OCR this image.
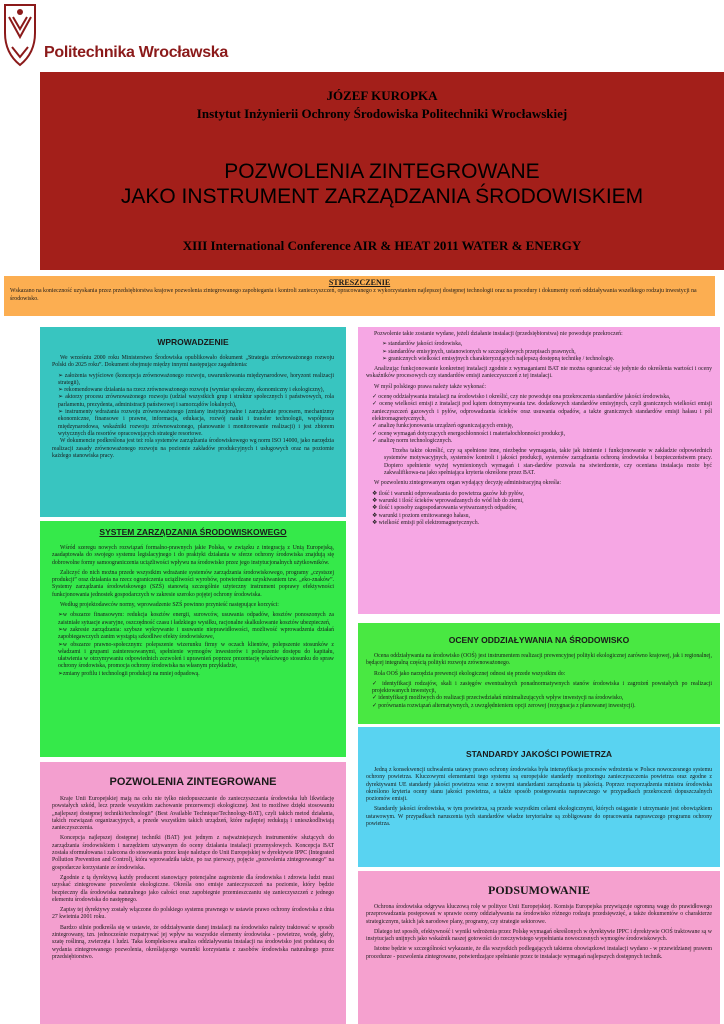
Politechnika Wrocławska
JÓZEF KUROPKA
Instytut Inżynierii Ochrony Środowiska Politechniki Wrocławskiej
POZWOLENIA ZINTEGROWANE
JAKO INSTRUMENT ZARZĄDZANIA ŚRODOWISKIEM
XIII International Conference AIR & HEAT 2011 WATER & ENERGY
STRESZCZENIE

Wskazano na konieczność uzyskania przez przedsiębiorstwa krajowe pozwolenia zintegrowanego zapobiegania i kontroli zanieczyszczeń, opracowanego z wykorzystaniem najlepszej dostępnej technologii oraz na procedury i dokumenty oceń oddziaływania wszelkiego rodzaju inwestycji na środowisko.

WPROWADZENIE

We wrześniu 2000 roku Ministerstwo Środowiska opublikowało dokument „Strategia zrównoważonego rozwoju Polski do 2025 roku”. Dokument obejmuje między innymi następujące zagadnienia:

➢ założenia wyjściowe (koncepcja zrównoważonego rozwoju, uwarunkowania międzynarodowe, horyzont realizacji strategii),
➢ rekomendowane działania na rzecz zrównoważonego rozwoju (wymiar społeczny, ekonomiczny i ekologiczny),
➢ aktorzy procesu zrównoważonego rozwoju (udział wszystkich grup i struktur społecznych i państwowych, rola parlamentu, prezydenta, administracji państwowej i samorządów lokalnych),
➢ instrumenty wdrażania rozwoju zrównoważonego (zmiany instytucjonalne i zarządzanie procesem, mechanizmy ekonomiczne, finansowe i prawne, informacja, edukacja, rozwój nauki i transfer technologii, współpraca międzynarodowa, wskaźniki rozwoju zrównoważonego, planowanie i monitorowanie realizacji) i jest zbiorem wytycznych dla resortów opracowujących strategie resortowe.

W dokumencie podkreślona jest też rola systemów zarządzania środowiskowego wg norm ISO 14000, jako narzędzia realizacji zasady zrównoważonego rozwoju na poziomie zakładów produkcyjnych i usługowych oraz na poziomie każdego stanowiska pracy.

SYSTEM ZARZĄDZANIA ŚRODOWISKOWEGO

Wśród szeregu nowych rozwiązań formalno-prawnych jakie Polska, w związku z integracją z Unią Europejską, zaadaptowała do swojego systemu legislacyjnego i do praktyki działania w sferze ochrony środowiska znajdują się dobrowolne formy samoograniczenia uciążliwości wpływu na środowisko przez jego instytucjonalnych użytkowników.

Zaliczyć do nich można przede wszystkim wdrażanie systemów zarządzania środowiskowego, programy „czystszej produkcji” oraz działania na rzecz ograniczenia uciążliwości wyrobów, potwierdzane uzyskiwaniem tzw. „eko-znaków”. Systemy zarządzania środowiskowego (SZŚ) stanowią szczególnie użyteczny instrument poprawy efektywności funkcjonowania jednostek gospodarczych w zakresie szeroko pojętej ochrony środowiska.

Według projektodawców normy, wprowadzenie SZŚ powinno przynieść następujące korzyści:

➢w obszarze finansowym: redukcja kosztów energii, surowców, usuwania odpadów, kosztów ponoszonych za zaistniałe sytuacje awaryjne, oszczędność czasu i ładzkiego wysiłku, racjonalne skalkulowanie kosztów ubezpieczeń,
➢w zakresie zarządzania: szybsze wykrywanie i usuwanie nieprawidłowości, możliwość wprowadzenia działań zapobiegawczych zanim wystąpią szkodliwe efekty środowiskowe,
➢w obszarze prawno-społecznym: polepszenie wizerunku firmy w oczach klientów, polepszenie stosunków z władzami i grupami zainteresowanymi, spełnienie wymogów inwestorów i polepszenie dostępu do kapitału, ułatwienia w otrzymywaniu odpowiednich zezwoleń i uprawnień poprzez prezentację właściwego stosunku do spraw ochrony środowiska, promocja ochrony środowiska na własnym przykładzie,
➢zmiany profilu i technologii produkcji na mniej odpadową.
POZWOLENIA ZINTEGROWANE

Kraje Unii Europejskiej mają na celu nie tylko niedopuszczanie do zanieczyszczania środowiska lub likwidację powstałych szkód, lecz przede wszystkim zachowanie prezerwencji ekologicznej. Jest to możliwe dzięki stosowaniu „najlepszej dostępnej techniki/technologii” (Best Available Technique/Technology-BAT), czyli takich metod działania, takich rozwiązań organizacyjnych, a przede wszystkim takich urządzeń, które najlepiej redukują i unieszkodliwiają zanieczyszczenia.

Koncepcja najlepszej dostępnej techniki (BAT) jest jednym z najważniejszych instrumentów służących do zarządzania środowiskiem i narzędziem używanym do oceny działania instalacji przemysłowych. Koncepcja BAT została sformułowana i zalecona do stosowania przez kraje należące do Unii Europejskiej w dyrektywie IPPC (Integrated Pollution Prevention and Control), która wprowadziła także, po raz pierwszy, pojęcie „pozwolenia zintegrowanego” na gospodarcze korzystanie ze środowiska.

Zgodnie z tą dyrektywą każdy producent stanowiący potencjalne zagrożenie dla środowiska i zdrowia ludzi musi uzyskać zintegrowane pozwolenie ekologiczne. Określa ono emisje zanieczyszczeń na poziomie, który będzie bezpieczny dla środowiska naturalnego jako całości oraz zapobiegnie przemieszczaniu się zanieczyszczeń z jednego elementu środowiska do następnego.

Zapisy tej dyrektywy zostały włączone do polskiego systemu prawnego w ustawie prawo ochrony środowiska z dnia 27 kwietnia 2001 roku.

Bardzo silnie podkreśla się w ustawie, że oddziaływanie danej instalacji na środowisko należy traktować w sposób zintegrowany, tzn. jednocześnie rozpatrywać jej wpływ na wszystkie elementy środowiska - powietrze, wodę, gleby, szatę roślinną, zwierzęta i ludzi. Taka kompleksowa analiza oddziaływania instalacji na środowisko jest podstawą do wydania zintegrowanego pozwolenia, określającego warunki korzystania z zasobów środowiska naturalnego przez przedsiębiorstwo.

Pozwolenie takie zostanie wydane, jeżeli działanie instalacji (przedsiębiorstwa) nie powoduje przekroczeń:

➢ standardów jakości środowiska,
➢ standardów emisyjnych, ustanowionych w szczegółowych przepisach prawnych,
➢ granicznych wielkości emisyjnych charakteryzujących najlepszą dostępną technikę / technologię.

Analizując funkcjonowanie konkretnej instalacji zgodnie z wymaganiami BAT nie można ograniczać się jedynie do określenia wartości i oceny wskaźników procesowych czy standardów emisji zanieczyszczeń z tej instalacji.

W myśl polskiego prawa należy także wykonać:

✓ ocenę oddziaływania instalacji na środowisko i określić, czy nie powoduje ona przekroczenia standardów jakości środowiska,
✓ ocenę wielkości emisji z instalacji pod kątem dotrzymywania tzw. dodatkowych standardów emisyjnych, czyli granicznych wielkości emisji zanieczyszczeń gazowych i pyłów, odprowadzania ścieków oraz usuwania odpadów, a także granicznych standardów emisji hałasu i pól elektromagnetycznych,
✓ analizę funkcjonowania urządzeń ograniczających emisję,
✓ ocenę wymagań dotyczących energochłonności i materiałochłonności produkcji,
✓ analizę norm technologicznych.

Trzeba także określić, czy są spełnione inne, niezbędne wymagania, takie jak istnienie i funkcjonowanie w zakładzie odpowiednich systemów motywacyjnych, systemów kontroli i jakości produkcji, systemów zarządzania ochroną środowiska i bezpieczeństwem pracy. Dopiero spełnienie wyżej wymienionych wymagań i stan-dardów pozwala na stwierdzenie, czy oceniana instalacja może być zakwalifikowa-na jako spełniająca kryteria określone przez BAT.

W pozwoleniu zintegrowanym organ wydający decyzję administracyjną określa:

❖ ilość i warunki odprowadzania do powietrza gazów lub pyłów,
❖ warunki i ilość ścieków wprowadzanych do wód lub do ziemi,
❖ ilość i sposoby zagospodarowania wytwarzanych odpadów,
❖ warunki i poziom emitowanego hałasu,
❖ wielkość emisji pól elektromagnetycznych.
OCENY ODDZIAŁYWANIA NA ŚRODOWISKO

Ocena oddziaływania na środowisko (OOŚ) jest instrumentem realizacji prewencyjnej polityki ekologicznej zarówno krajowej, jak i regionalnej, będącej integralną częścią polityki rozwoju zrównoważonego.

Rola OOŚ jako narzędzia prewencji ekologicznej odnosi się przede wszystkim do:

✓ identyfikacji rodzajów, skali i zasięgów ewentualnych ponadnormatywnych stanów środowiska i zagrożeń powstałych po realizacji projektowanych inwestycji,
✓ identyfikacji możliwych do realizacji przeciwdziałań minimalizujących wpływ inwestycji na środowisko,
✓ porównania rozwiązań alternatywnych, z uwzględnieniem opcji zerowej (rezygnacja z planowanej inwestycji).
STANDARDY JAKOŚCI POWIETRZA

Jedną z konsekwencji uchwalenia ustawy prawo ochrony środowiska była intensyfikacja procesów wdrożenia w Polsce nowoczesnego systemu ochrony powietrza. Kluczowymi elementami tego systemu są europejskie standardy monitoringu zanieczyszczenia powietrza oraz zgodne z dyrektywami UE standardy jakości powietrza wraz z nowymi standardami zarządzania tą jakością. Poprzez rozporządzenia ministra środowiska określono kryteria oceny stanu jakości powietrza, a także sposób postępowania naprawczego w przypadkach przekroczeń dopuszczalnych poziomów emisji.

Standardy jakości środowiska, w tym powietrza, są przede wszystkim celami ekologicznymi, których osiąganie i utrzymanie jest obowiązkiem ustawowym. W przypadkach naruszenia tych standardów władze terytorialne są zobligowane do opracowania naprawczego programu ochrony powietrza.

PODSUMOWANIE

Ochrona środowiska odgrywa kluczową rolę w polityce Unii Europejskiej. Komisja Europejska przywiązuje ogromną wagę do prawidłowego przeprowadzania postępowań w sprawie oceny oddziaływania na środowisko różnego rodzaju przedsięwzięć, a także dokumentów o charakterze strategicznym, takich jak narodowe plany, programy, czy strategie sektorowe.

Dlatego też sposób, efektywność i wyniki wdrożenia przez Polskę wymagań określonych w dyrektywie IPPC i dyrektywie OOŚ traktowane są w instytucjach unijnych jako wskaźnik naszej gotowości do rzeczywistego wypełniania nowoczesnych wymogów środowiskowych.

Istotne będzie w szczególności wykazanie, że dla wszystkich podlegających takiemu obowiązkowi instalacji wydano - w przewidzianej prawem procedurze - pozwolenia zintegrowane, potwierdzające spełnianie przez te instalacje wymagań najlepszych dostępnych technik.
